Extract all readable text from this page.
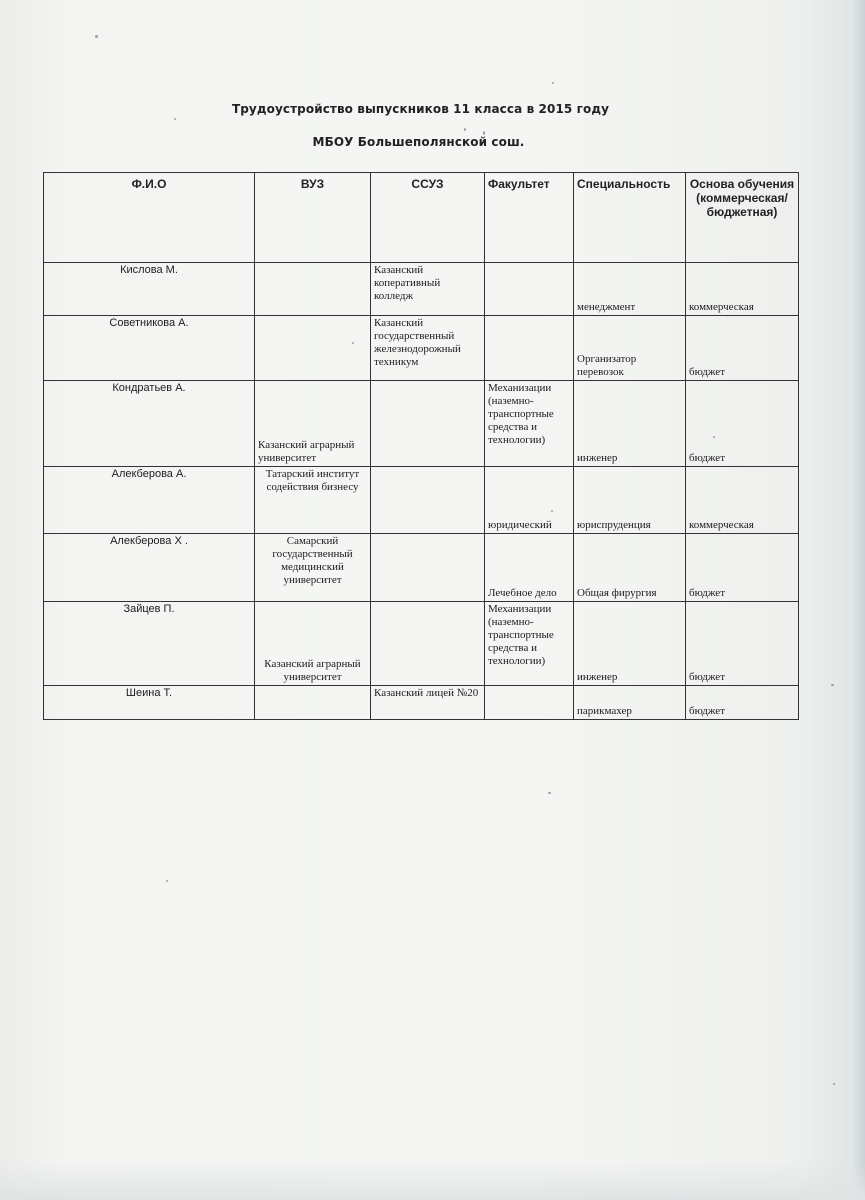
Трудоустройство выпускников 11 класса в 2015 году
МБОУ Большеполянской сош.
Ф.И.О	ВУЗ	ССУЗ	Факультет	Специальность	Основа обучения (коммерческая/ бюджетная)
Кислова М.		Казанский коперативный колледж		менеджмент	коммерческая
Советникова А.		Казанский государственный железнодорожный техникум		Организатор перевозок	бюджет
Кондратьев А.	Казанский аграрный университет		Механизации (наземно-транспортные средства и технологии)	инженер	бюджет
Алекберова А.	Татарский институт содействия бизнесу		юридический	юриспруденция	коммерческая
Алекберова Х .	Самарский государственный медицинский университет		Лечебное дело	Общая фирургия	бюджет
Зайцев П.	Казанский аграрный университет		Механизации (наземно-транспортные средства и технологии)	инженер	бюджет
Шеина Т.		Казанский лицей №20		парикмахер	бюджет
